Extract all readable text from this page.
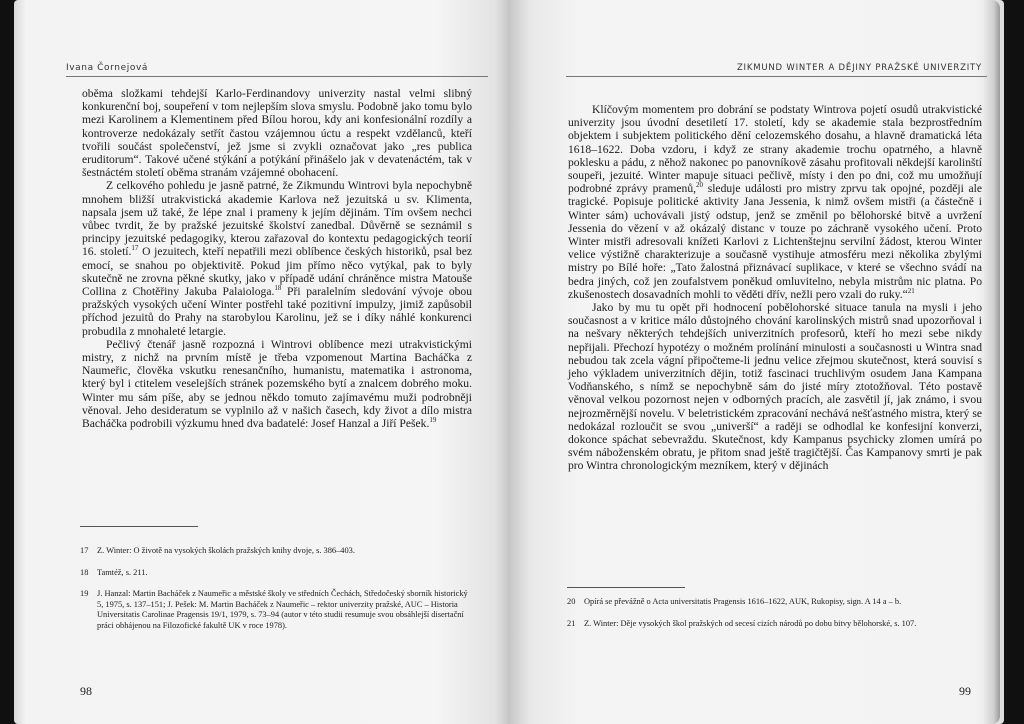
Ivana Čornejová

oběma složkami tehdejší Karlo-Ferdinandovy univerzity nastal velmi slibný konkurenční boj, soupeření v tom nejlepším slova smyslu. Podobně jako tomu bylo mezi Karolinem a Klementinem před Bílou horou, kdy ani konfesionální rozdíly a kontroverze nedokázaly setřít častou vzájemnou úctu a respekt vzdělanců, kteří tvořili součást společenství, jež jsme si zvykli označovat jako „res publica eruditorum“. Takové učené stýkání a potýkání přinášelo jak v devatenáctém, tak v šestnáctém století oběma stranám vzájemné obohacení.

Z celkového pohledu je jasně patrné, že Zikmundu Wintrovi byla nepochybně mnohem bližší utrakvistická akademie Karlova než jezuitská u sv. Klimenta, napsala jsem už také, že lépe znal i prameny k jejím dějinám. Tím ovšem nechci vůbec tvrdit, že by pražské jezuitské školství zanedbal. Důvěrně se seznámil s principy jezuitské pedagogiky, kterou zařazoval do kontextu pedagogických teorií 16. století.$^{17}$ O jezuitech, kteří nepatřili mezi oblíbence českých historiků, psal bez emocí, se snahou po objektivitě. Pokud jim přímo něco vytýkal, pak to byly skutečně ne zrovna pěkné skutky, jako v případě udání chráněnce mistra Matouše Collina z Chotěřiny Jakuba Palaiologa.$^{18}$ Při paralelním sledování vývoje obou pražských vysokých učení Winter postřehl také pozitivní impulzy, jimiž zapůsobil příchod jezuitů do Prahy na starobylou Karolinu, jež se i díky náhlé konkurenci probudila z mnohaleté letargie.

Pečlivý čtenář jasně rozpozná i Wintrovi oblíbence mezi utrakvistickými mistry, z nichž na prvním místě je třeba vzpomenout Martina Bacháčka z Naumeřic, člověka vskutku renesančního, humanistu, matematika i astronoma, který byl i ctitelem veselejších stránek pozemského bytí a znalcem dobrého moku. Winter mu sám píše, aby se jednou někdo tomuto zajímavému muži podrobněji věnoval. Jeho desideratum se vyplnilo až v našich časech, kdy život a dílo mistra Bacháčka podrobili výzkumu hned dva badatelé: Josef Hanzal a Jiří Pešek.$^{19}$

17	Z. Winter: O životě na vysokých školách pražských knihy dvoje, s. 386–403.
18	Tamtéž, s. 211.
19	J. Hanzal: Martin Bacháček z Naumeřic a městské školy ve středních Čechách, Středočeský sborník historický 5, 1975, s. 137–151; J. Pešek: M. Martin Bacháček z Naumeřic – rektor univerzity pražské, AUC – Historia Universitatis Carolinae Pragensis 19/1, 1979, s. 73–94 (autor v této studii resumuje svou obsáhlejší disertační práci obhájenou na Filozofické fakultě UK v roce 1978).
98
ZIKMUND WINTER A DĚJINY PRAŽSKÉ UNIVERZITY

Klíčovým momentem pro dobrání se podstaty Wintrova pojetí osudů utrakvistické univerzity jsou úvodní desetiletí 17. století, kdy se akademie stala bezprostředním objektem i subjektem politického dění celozemského dosahu, a hlavně dramatická léta 1618–1622. Doba vzdoru, i když ze strany akademie trochu opatrného, a hlavně poklesku a pádu, z něhož nakonec po panovníkově zásahu profitovali někdejší karolinští soupeři, jezuité. Winter mapuje situaci pečlivě, místy i den po dni, což mu umožňují podrobné zprávy pramenů,$^{20}$ sleduje události pro mistry zprvu tak opojné, později ale tragické. Popisuje politické aktivity Jana Jessenia, k nimž ovšem mistři (a částečně i Winter sám) uchovávali jistý odstup, jenž se změnil po bělohorské bitvě a uvržení Jessenia do vězení v až okázalý distanc v touze po záchraně vysokého učení. Proto Winter mistři adresovali knížeti Karlovi z Lichtenštejnu servilní žádost, kterou Winter velice výstižně charakterizuje a současně vystihuje atmosféru mezi několika zbylými mistry po Bílé hoře: „Tato žalostná přiznávací suplikace, v které se všechno svádí na bedra jiných, což jen zoufalstvem poněkud omluvitelno, nebyla mistrům nic platna. Po zkušenostech dosavadních mohli to věděti dřív, nežli pero vzali do ruky.“$^{21}$

Jako by mu tu opět při hodnocení pobělohorské situace tanula na mysli i jeho současnost a v kritice málo důstojného chování karolinských mistrů snad upozorňoval i na nešvary některých tehdejších univerzitních profesorů, kteří ho mezi sebe nikdy nepřijali. Přechozí hypotézy o možném prolínání minulosti a současnosti u Wintra snad nebudou tak zcela vágní připočteme-li jednu velice zřejmou skutečnost, která souvisí s jeho výkladem univerzitních dějin, totiž fascinaci truchlivým osudem Jana Kampana Vodňanského, s nímž se nepochybně sám do jisté míry ztotožňoval. Této postavě věnoval velkou pozornost nejen v odborných pracích, ale zasvětil jí, jak známo, i svou nejrozměrnější novelu. V beletristickém zpracování nechává nešťastného mistra, který se nedokázal rozloučit se svou „univerší“ a raději se odhodlal ke konfesijní konverzi, dokonce spáchat sebevraždu. Skutečnost, kdy Kampanus psychicky zlomen umírá po svém náboženském obratu, je přitom snad ještě tragičtější. Čas Kampanovy smrti je pak pro Wintra chronologickým mezníkem, který v dějinách

20	Opírá se převážně o Acta universitatis Pragensis 1616–1622, AUK, Rukopisy, sign. A 14 a – b.
21	Z. Winter: Děje vysokých škol pražských od secesí cizích národů po dobu bitvy bělohorské, s. 107.
99
